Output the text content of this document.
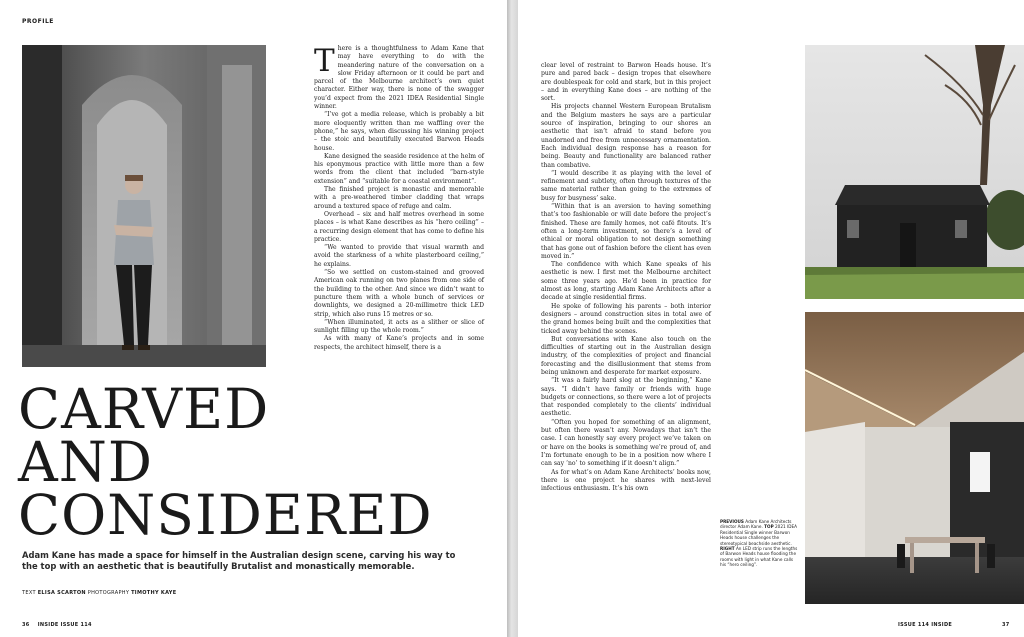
PROFILE

There is a thoughtfulness to Adam Kane that may have everything to do with the meandering nature of the conversation on a slow Friday afternoon or it could be part and parcel of the Melbourne architect’s own quiet character. Either way, there is none of the swagger you’d expect from the 2021 IDEA Residential Single winner.

“I’ve got a media release, which is probably a bit more eloquently written than me waffling over the phone,” he says, when discussing his winning project – the stoic and beautifully executed Barwon Heads house.

Kane designed the seaside residence at the helm of his eponymous practice with little more than a few words from the client that included “barn-style extension” and “suitable for a coastal environment”.

The finished project is monastic and memorable with a pre-weathered timber cladding that wraps around a textured space of refuge and calm.

Overhead – six and half metres overhead in some places – is what Kane describes as his “hero ceiling” – a recurring design element that has come to define his practice.

“We wanted to provide that visual warmth and avoid the starkness of a white plasterboard ceiling,” he explains.

“So we settled on custom-stained and grooved American oak running on two planes from one side of the building to the other. And since we didn’t want to puncture them with a whole bunch of services or downlights, we designed a 20-millimetre thick LED strip, which also runs 15 metres or so.

“When illuminated, it acts as a slither or slice of sunlight filling up the whole room.”

As with many of Kane’s projects and in some respects, the architect himself, there is a

CARVED
AND
CONSIDERED
Adam Kane has made a space for himself in the Australian design scene, carving his way to the top with an aesthetic that is beautifully Brutalist and monastically memorable.
TEXT ELISA SCARTON PHOTOGRAPHY TIMOTHY KAYE
36 INSIDE ISSUE 114

clear level of restraint to Barwon Heads house. It’s pure and pared back – design tropes that elsewhere are doublespeak for cold and stark, but in this project – and in everything Kane does – are nothing of the sort.

His projects channel Western European Brutalism and the Belgium masters he says are a particular source of inspiration, bringing to our shores an aesthetic that isn’t afraid to stand before you unadorned and free from unnecessary ornamentation. Each individual design response has a reason for being. Beauty and functionality are balanced rather than combative.

“I would describe it as playing with the level of refinement and subtlety, often through textures of the same material rather than going to the extremes of busy for busyness’ sake.

“Within that is an aversion to having something that’s too fashionable or will date before the project’s finished. These are family homes, not café fitouts. It’s often a long-term investment, so there’s a level of ethical or moral obligation to not design something that has gone out of fashion before the client has even moved in.”

The confidence with which Kane speaks of his aesthetic is new. I first met the Melbourne architect some three years ago. He’d been in practice for almost as long, starting Adam Kane Architects after a decade at single residential firms.

He spoke of following his parents – both interior designers – around construction sites in total awe of the grand homes being built and the complexities that ticked away behind the scenes.

But conversations with Kane also touch on the difficulties of starting out in the Australian design industry, of the complexities of project and financial forecasting and the disillusionment that stems from being unknown and desperate for market exposure.

“It was a fairly hard slog at the beginning,” Kane says. “I didn’t have family or friends with huge budgets or connections, so there were a lot of projects that responded completely to the clients’ individual aesthetic.

“Often you hoped for something of an alignment, but often there wasn’t any. Nowadays that isn’t the case. I can honestly say every project we’ve taken on or have on the books is something we’re proud of, and I’m fortunate enough to be in a position now where I can say ‘no’ to something if it doesn’t align.”

As for what’s on Adam Kane Architects’ books now, there is one project he shares with next-level infectious enthusiasm. It’s his own

ISSUE 114 INSIDE	37
PREVIOUS Adam Kane Architects director Adam Kane. TOP 2021 IDEA Residential Single winner Barwon Heads house challenges the stereotypical beachside aesthetic. RIGHT An LED strip runs the lengths of Barwon Heads house flooding the rooms with light in what Kane calls his “hero ceiling”.
